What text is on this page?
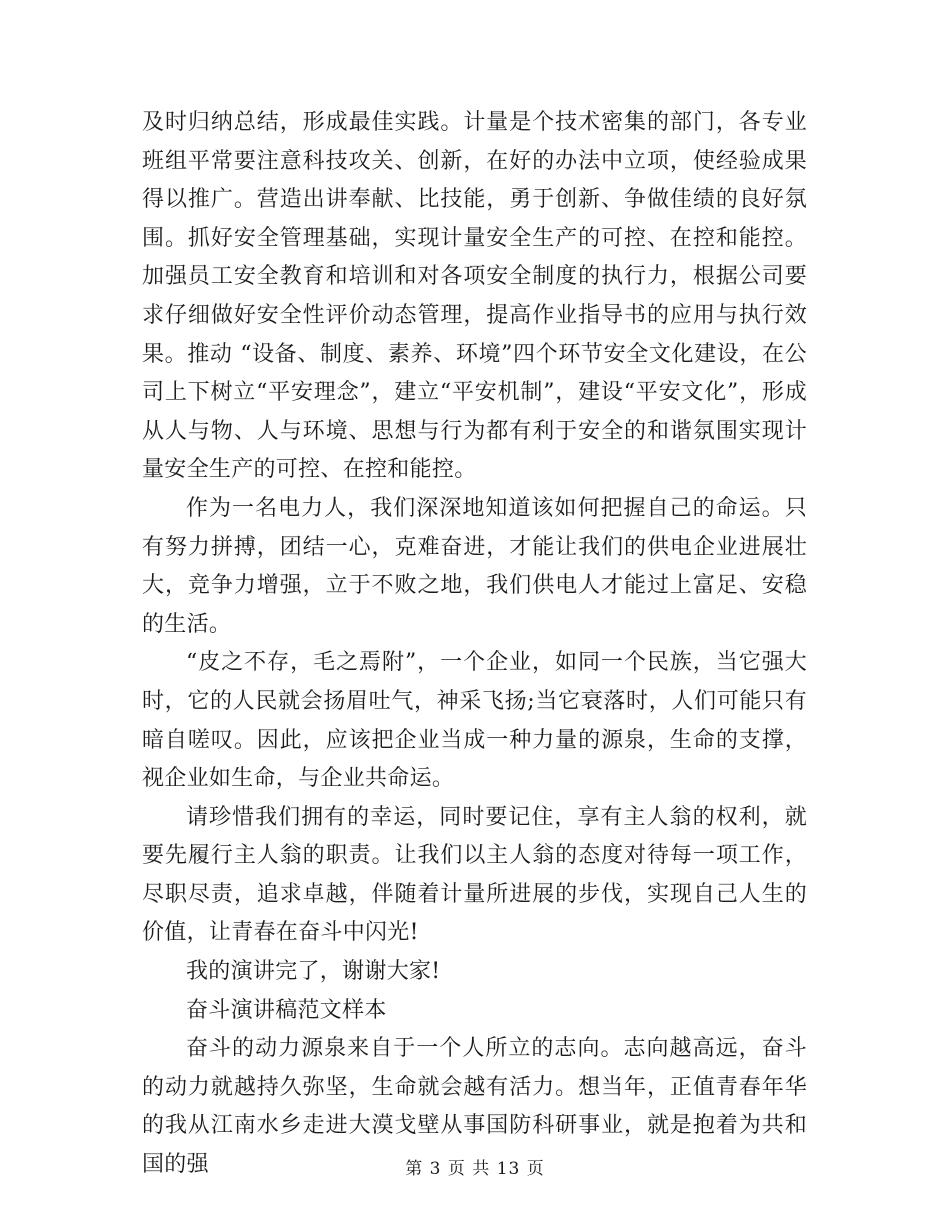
及时归纳总结，形成最佳实践。计量是个技术密集的部门，各专业班组平常要注意科技攻关、创新，在好的办法中立项，使经验成果得以推广。营造出讲奉献、比技能，勇于创新、争做佳绩的良好氛围。抓好安全管理基础，实现计量安全生产的可控、在控和能控。加强员工安全教育和培训和对各项安全制度的执行力，根据公司要求仔细做好安全性评价动态管理，提高作业指导书的应用与执行效果。推动 “设备、制度、素养、环境”四个环节安全文化建设，在公司上下树立“平安理念”，建立“平安机制”，建设“平安文化”，形成从人与物、人与环境、思想与行为都有利于安全的和谐氛围实现计量安全生产的可控、在控和能控。

作为一名电力人，我们深深地知道该如何把握自己的命运。只有努力拼搏，团结一心，克难奋进，才能让我们的供电企业进展壮大，竞争力增强，立于不败之地，我们供电人才能过上富足、安稳的生活。

“皮之不存，毛之焉附”，一个企业，如同一个民族，当它强大时，它的人民就会扬眉吐气，神采飞扬;当它衰落时，人们可能只有暗自嗟叹。因此，应该把企业当成一种力量的源泉，生命的支撑，视企业如生命，与企业共命运。

请珍惜我们拥有的幸运，同时要记住，享有主人翁的权利，就要先履行主人翁的职责。让我们以主人翁的态度对待每一项工作，尽职尽责，追求卓越，伴随着计量所进展的步伐，实现自己人生的价值，让青春在奋斗中闪光!

我的演讲完了，谢谢大家!

奋斗演讲稿范文样本

奋斗的动力源泉来自于一个人所立的志向。志向越高远，奋斗的动力就越持久弥坚，生命就会越有活力。想当年，正值青春年华的我从江南水乡走进大漠戈壁从事国防科研事业，就是抱着为共和国的强	第 3 页 共 13 页
